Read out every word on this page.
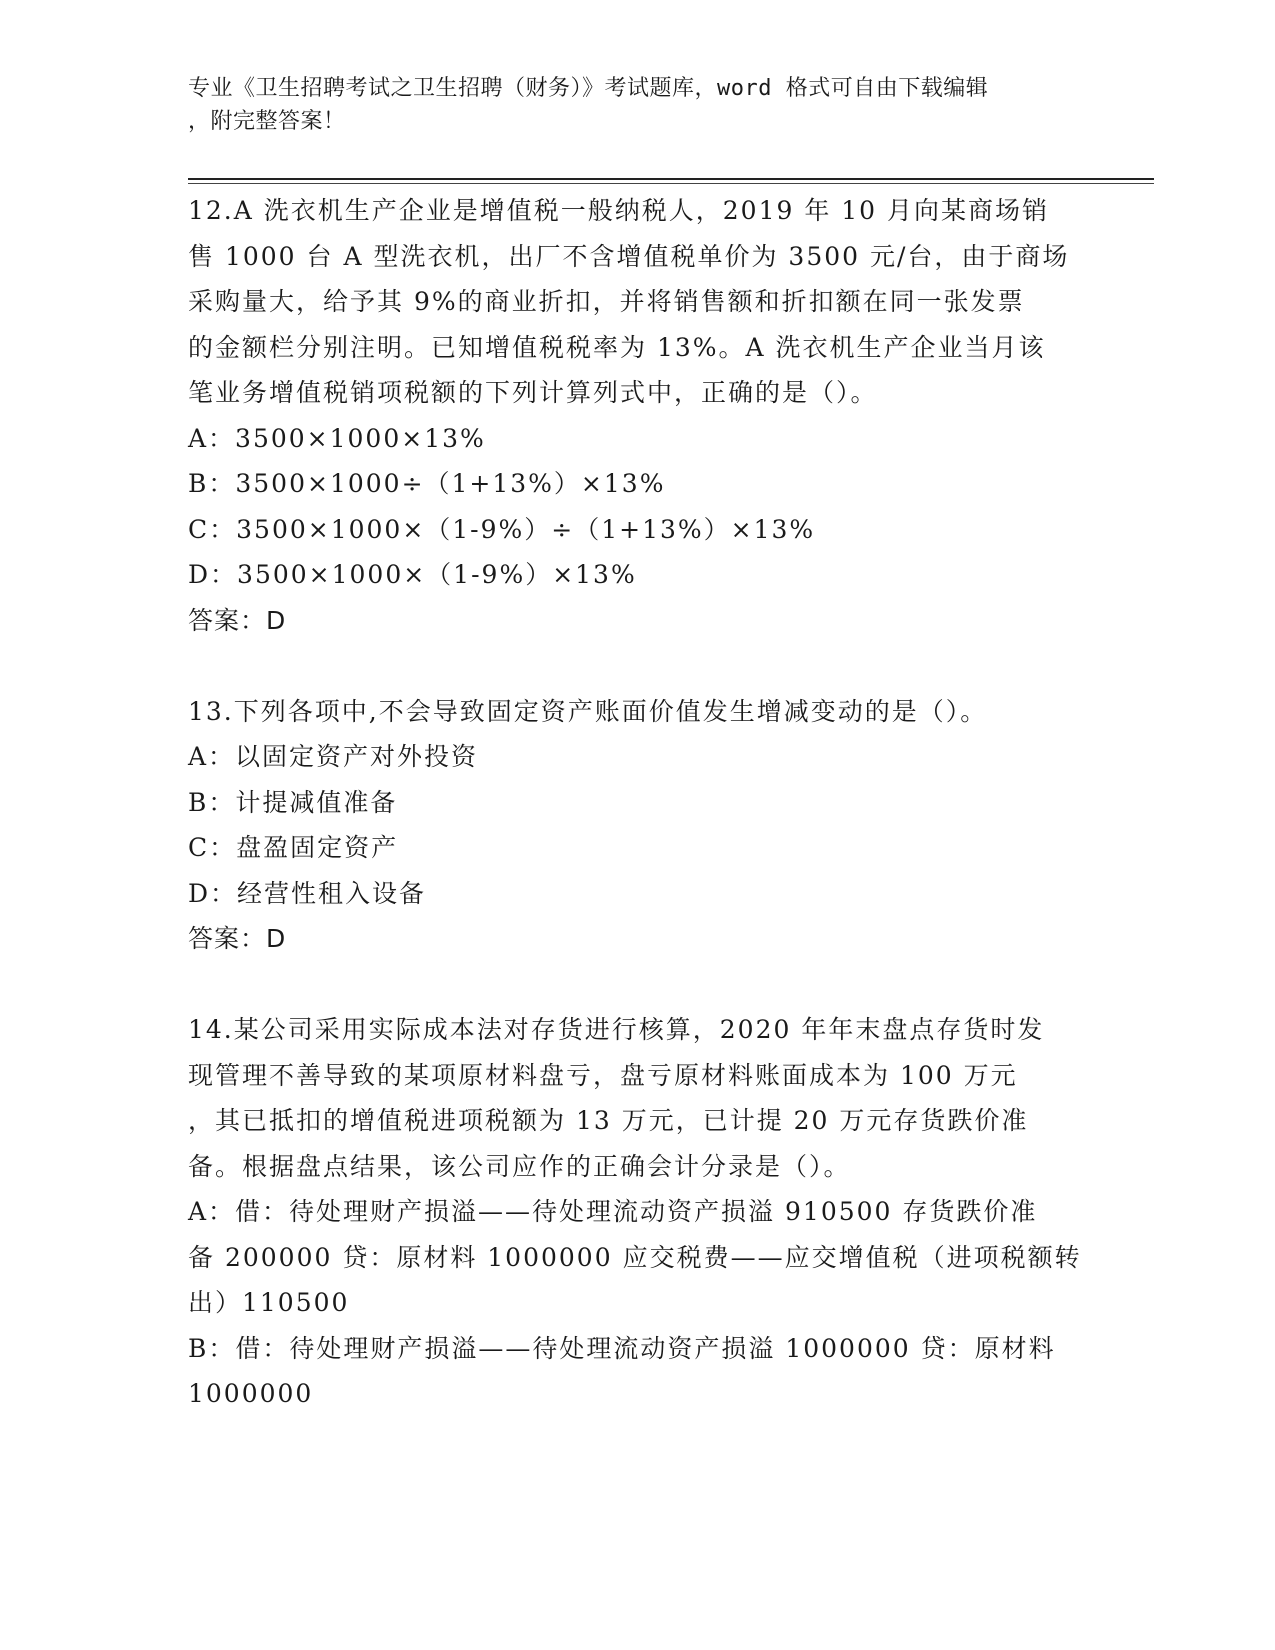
专业《卫生招聘考试之卫生招聘（财务）》考试题库，word 格式可自由下载编辑
，附完整答案！
12.A 洗衣机生产企业是增值税一般纳税人，2019 年 10 月向某商场销
售 1000 台 A 型洗衣机，出厂不含增值税单价为 3500 元/台，由于商场
采购量大，给予其 9%的商业折扣，并将销售额和折扣额在同一张发票
的金额栏分别注明。已知增值税税率为 13%。A 洗衣机生产企业当月该
笔业务增值税销项税额的下列计算列式中，正确的是（）。
A：3500×1000×13%
B：3500×1000÷（1+13%）×13%
C：3500×1000×（1-9%）÷（1+13%）×13%
D：3500×1000×（1-9%）×13%
答案：D
13.下列各项中,不会导致固定资产账面价值发生增减变动的是（）。
A：以固定资产对外投资
B：计提减值准备
C：盘盈固定资产
D：经营性租入设备
答案：D
14.某公司采用实际成本法对存货进行核算，2020 年年末盘点存货时发
现管理不善导致的某项原材料盘亏，盘亏原材料账面成本为 100 万元
，其已抵扣的增值税进项税额为 13 万元，已计提 20 万元存货跌价准
备。根据盘点结果，该公司应作的正确会计分录是（）。
A：借：待处理财产损溢——待处理流动资产损溢 910500 存货跌价准
备 200000 贷：原材料 1000000 应交税费——应交增值税（进项税额转
出）110500
B：借：待处理财产损溢——待处理流动资产损溢 1000000 贷：原材料
1000000
